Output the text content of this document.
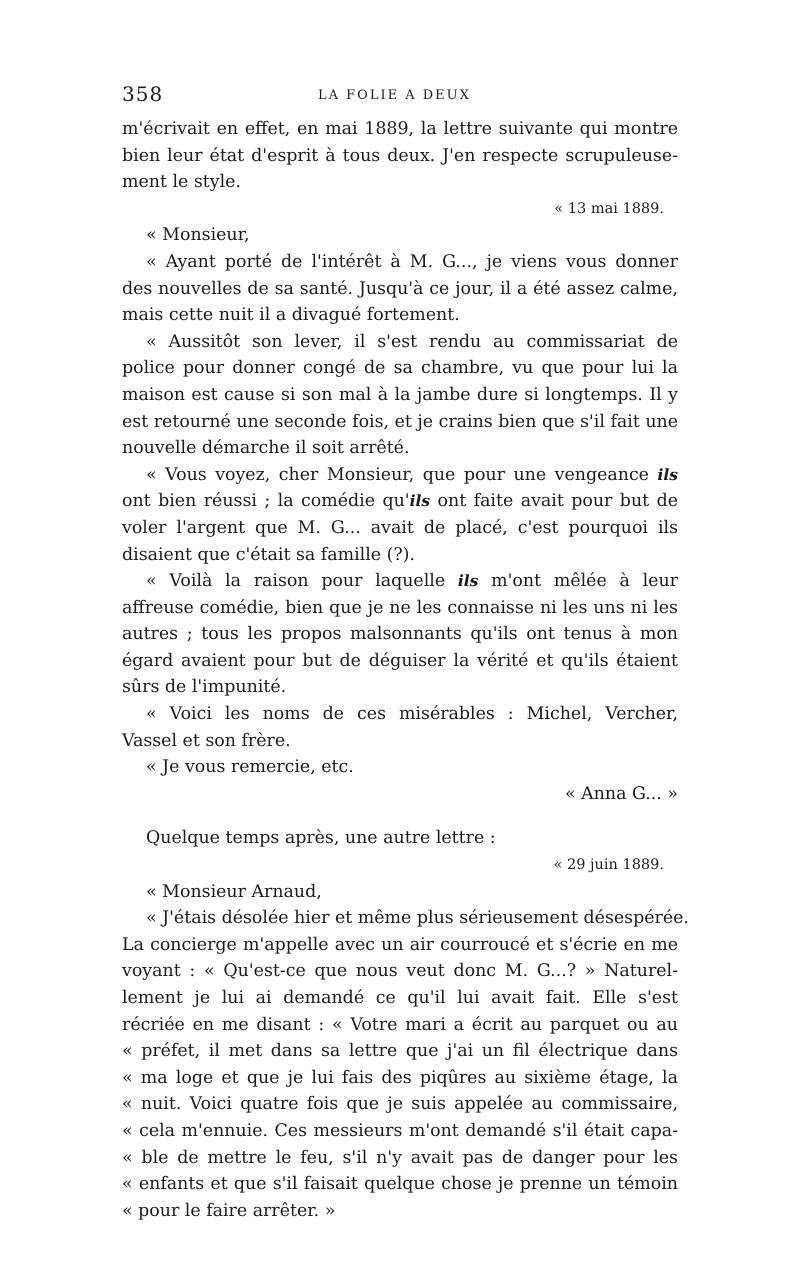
358	LA FOLIE A DEUX
m'écrivait en effet, en mai 1889, la lettre suivante qui montre
bien leur état d'esprit à tous deux. J'en respecte scrupuleuse-
ment le style.
« 13 mai 1889.
« Monsieur,
« Ayant porté de l'intérêt à M. G..., je viens vous donner
des nouvelles de sa santé. Jusqu'à ce jour, il a été assez calme,
mais cette nuit il a divagué fortement.
« Aussitôt son lever, il s'est rendu au commissariat de
police pour donner congé de sa chambre, vu que pour lui la
maison est cause si son mal à la jambe dure si longtemps. Il y
est retourné une seconde fois, et je crains bien que s'il fait une
nouvelle démarche il soit arrêté.
« Vous voyez, cher Monsieur, que pour une vengeance ils
ont bien réussi ; la comédie qu'ils ont faite avait pour but de
voler l'argent que M. G... avait de placé, c'est pourquoi ils
disaient que c'était sa famille (?).
« Voilà la raison pour laquelle ils m'ont mêlée à leur
affreuse comédie, bien que je ne les connaisse ni les uns ni les
autres ; tous les propos malsonnants qu'ils ont tenus à mon
égard avaient pour but de déguiser la vérité et qu'ils étaient
sûrs de l'impunité.
« Voici les noms de ces misérables : Michel, Vercher,
Vassel et son frère.
« Je vous remercie, etc.
« Anna G... »
Quelque temps après, une autre lettre :
« 29 juin 1889.
« Monsieur Arnaud,
« J'étais désolée hier et même plus sérieusement désespérée.
La concierge m'appelle avec un air courroucé et s'écrie en me
voyant : « Qu'est-ce que nous veut donc M. G...? » Naturel-
lement je lui ai demandé ce qu'il lui avait fait. Elle s'est
récriée en me disant : « Votre mari a écrit au parquet ou au
« préfet, il met dans sa lettre que j'ai un fil électrique dans
« ma loge et que je lui fais des piqûres au sixième étage, la
« nuit. Voici quatre fois que je suis appelée au commissaire,
« cela m'ennuie. Ces messieurs m'ont demandé s'il était capa-
« ble de mettre le feu, s'il n'y avait pas de danger pour les
« enfants et que s'il faisait quelque chose je prenne un témoin
« pour le faire arrêter. »
